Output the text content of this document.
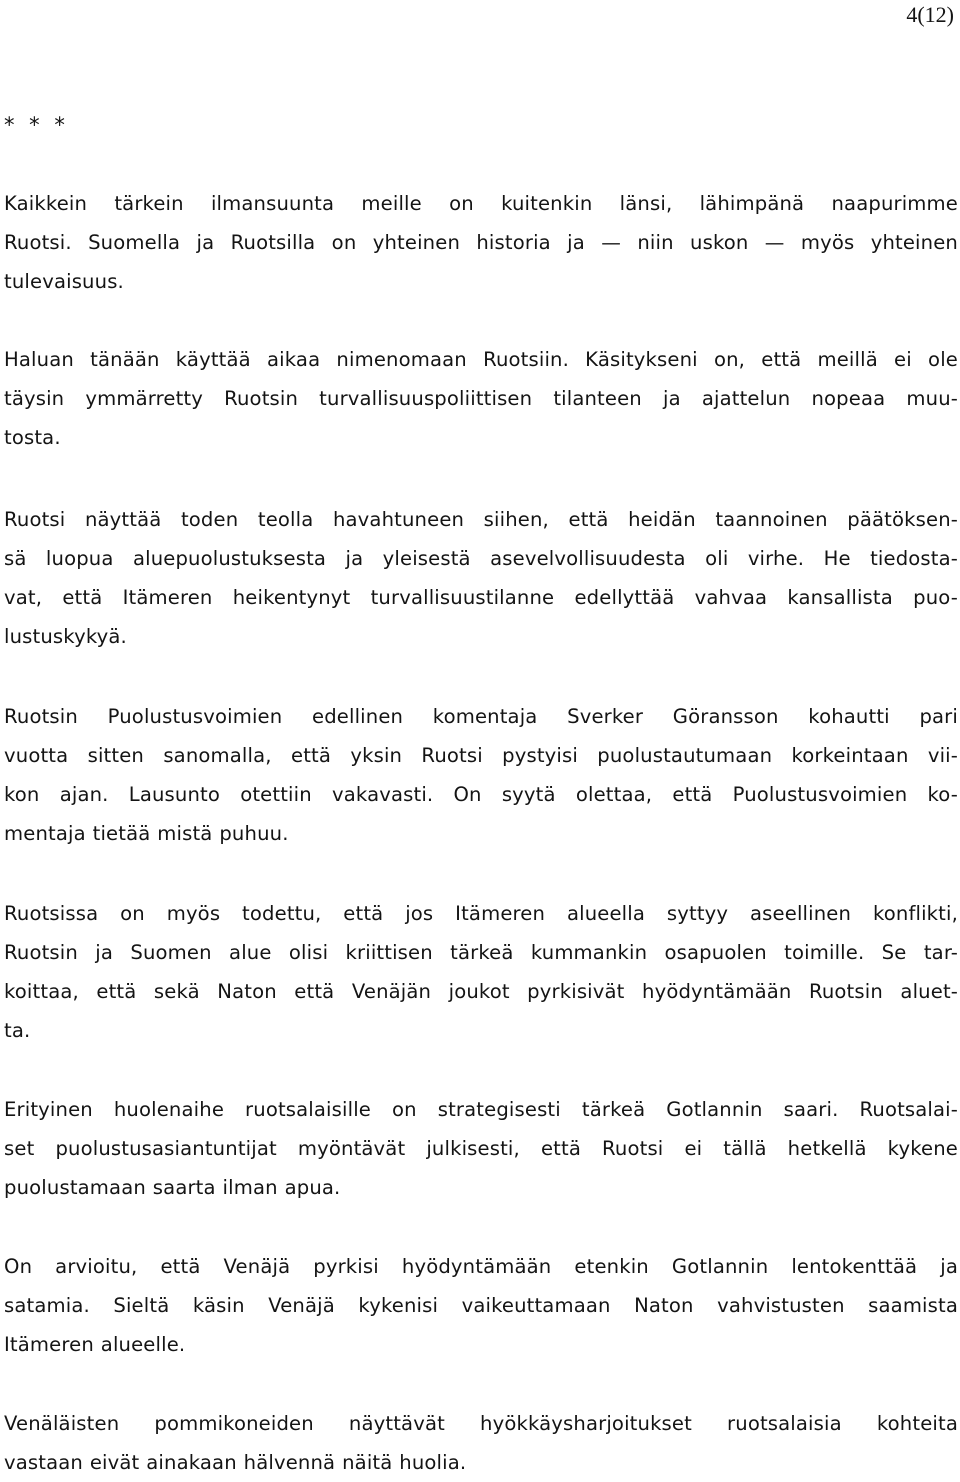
4(12)
* * *

Kaikkein tärkein ilmansuunta meille on kuitenkin länsi, lähimpänä naapurimme
Ruotsi. Suomella ja Ruotsilla on yhteinen historia ja — niin uskon — myös yhteinen
tulevaisuus.

Haluan tänään käyttää aikaa nimenomaan Ruotsiin. Käsitykseni on, että meillä ei ole
täysin ymmärretty Ruotsin turvallisuuspoliittisen tilanteen ja ajattelun nopeaa muu-
tosta.

Ruotsi näyttää toden teolla havahtuneen siihen, että heidän taannoinen päätöksen-
sä luopua aluepuolustuksesta ja yleisestä asevelvollisuudesta oli virhe. He tiedosta-
vat, että Itämeren heikentynyt turvallisuustilanne edellyttää vahvaa kansallista puo-
lustuskykyä.

Ruotsin Puolustusvoimien edellinen komentaja Sverker Göransson kohautti pari
vuotta sitten sanomalla, että yksin Ruotsi pystyisi puolustautumaan korkeintaan vii-
kon ajan. Lausunto otettiin vakavasti. On syytä olettaa, että Puolustusvoimien ko-
mentaja tietää mistä puhuu.

Ruotsissa on myös todettu, että jos Itämeren alueella syttyy aseellinen konflikti,
Ruotsin ja Suomen alue olisi kriittisen tärkeä kummankin osapuolen toimille. Se tar-
koittaa, että sekä Naton että Venäjän joukot pyrkisivät hyödyntämään Ruotsin aluet-
ta.

Erityinen huolenaihe ruotsalaisille on strategisesti tärkeä Gotlannin saari. Ruotsalai-
set puolustusasiantuntijat myöntävät julkisesti, että Ruotsi ei tällä hetkellä kykene
puolustamaan saarta ilman apua.

On arvioitu, että Venäjä pyrkisi hyödyntämään etenkin Gotlannin lentokenttää ja
satamia. Sieltä käsin Venäjä kykenisi vaikeuttamaan Naton vahvistusten saamista
Itämeren alueelle.

Venäläisten pommikoneiden näyttävät hyökkäysharjoitukset ruotsalaisia kohteita
vastaan eivät ainakaan hälvennä näitä huolia.
